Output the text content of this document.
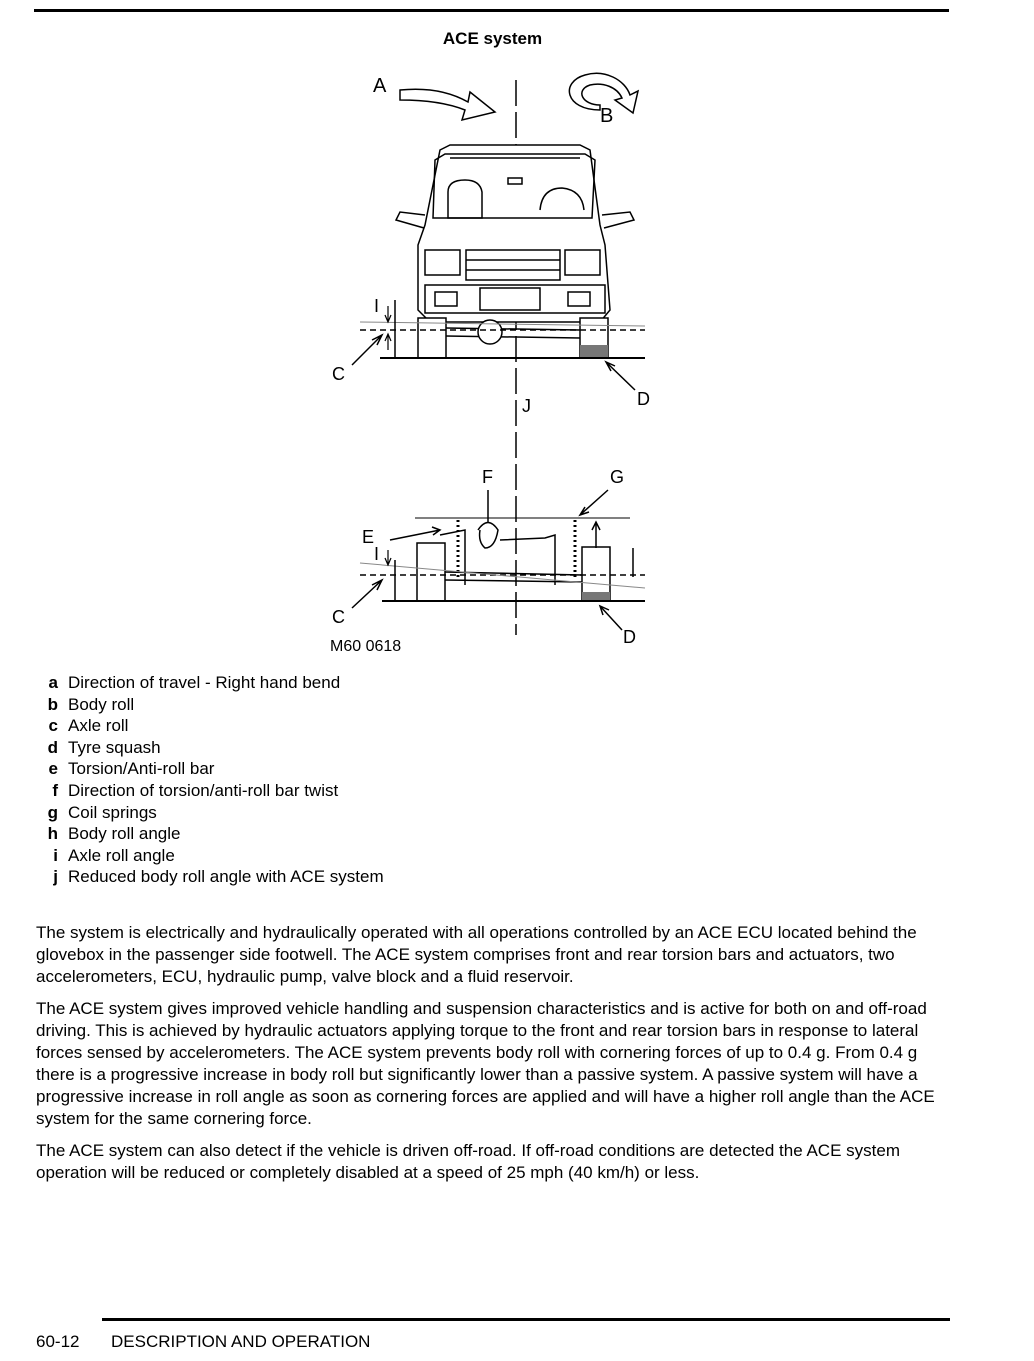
ACE system
A
B
I
C
D
J
F	G
E
I
C
D
M60 0618
a Direction of travel - Right hand bend
b Body roll
c Axle roll
d Tyre squash
e Torsion/Anti-roll bar
f Direction of torsion/anti-roll bar twist
g Coil springs
h Body roll angle
i Axle roll angle
j Reduced body roll angle with ACE system

The system is electrically and hydraulically operated with all operations controlled by an ACE ECU located behind the glovebox in the passenger side footwell. The ACE system comprises front and rear torsion bars and actuators, two accelerometers, ECU, hydraulic pump, valve block and a fluid reservoir.

The ACE system gives improved vehicle handling and suspension characteristics and is active for both on and off-road driving. This is achieved by hydraulic actuators applying torque to the front and rear torsion bars in response to lateral forces sensed by accelerometers. The ACE system prevents body roll with cornering forces of up to 0.4 g. From 0.4 g there is a progressive increase in body roll but significantly lower than a passive system. A passive system will have a progressive increase in roll angle as soon as cornering forces are applied and will have a higher roll angle than the ACE system for the same cornering force.

The ACE system can also detect if the vehicle is driven off-road. If off-road conditions are detected the ACE system operation will be reduced or completely disabled at a speed of 25 mph (40 km/h) or less.

60-12 DESCRIPTION AND OPERATION
